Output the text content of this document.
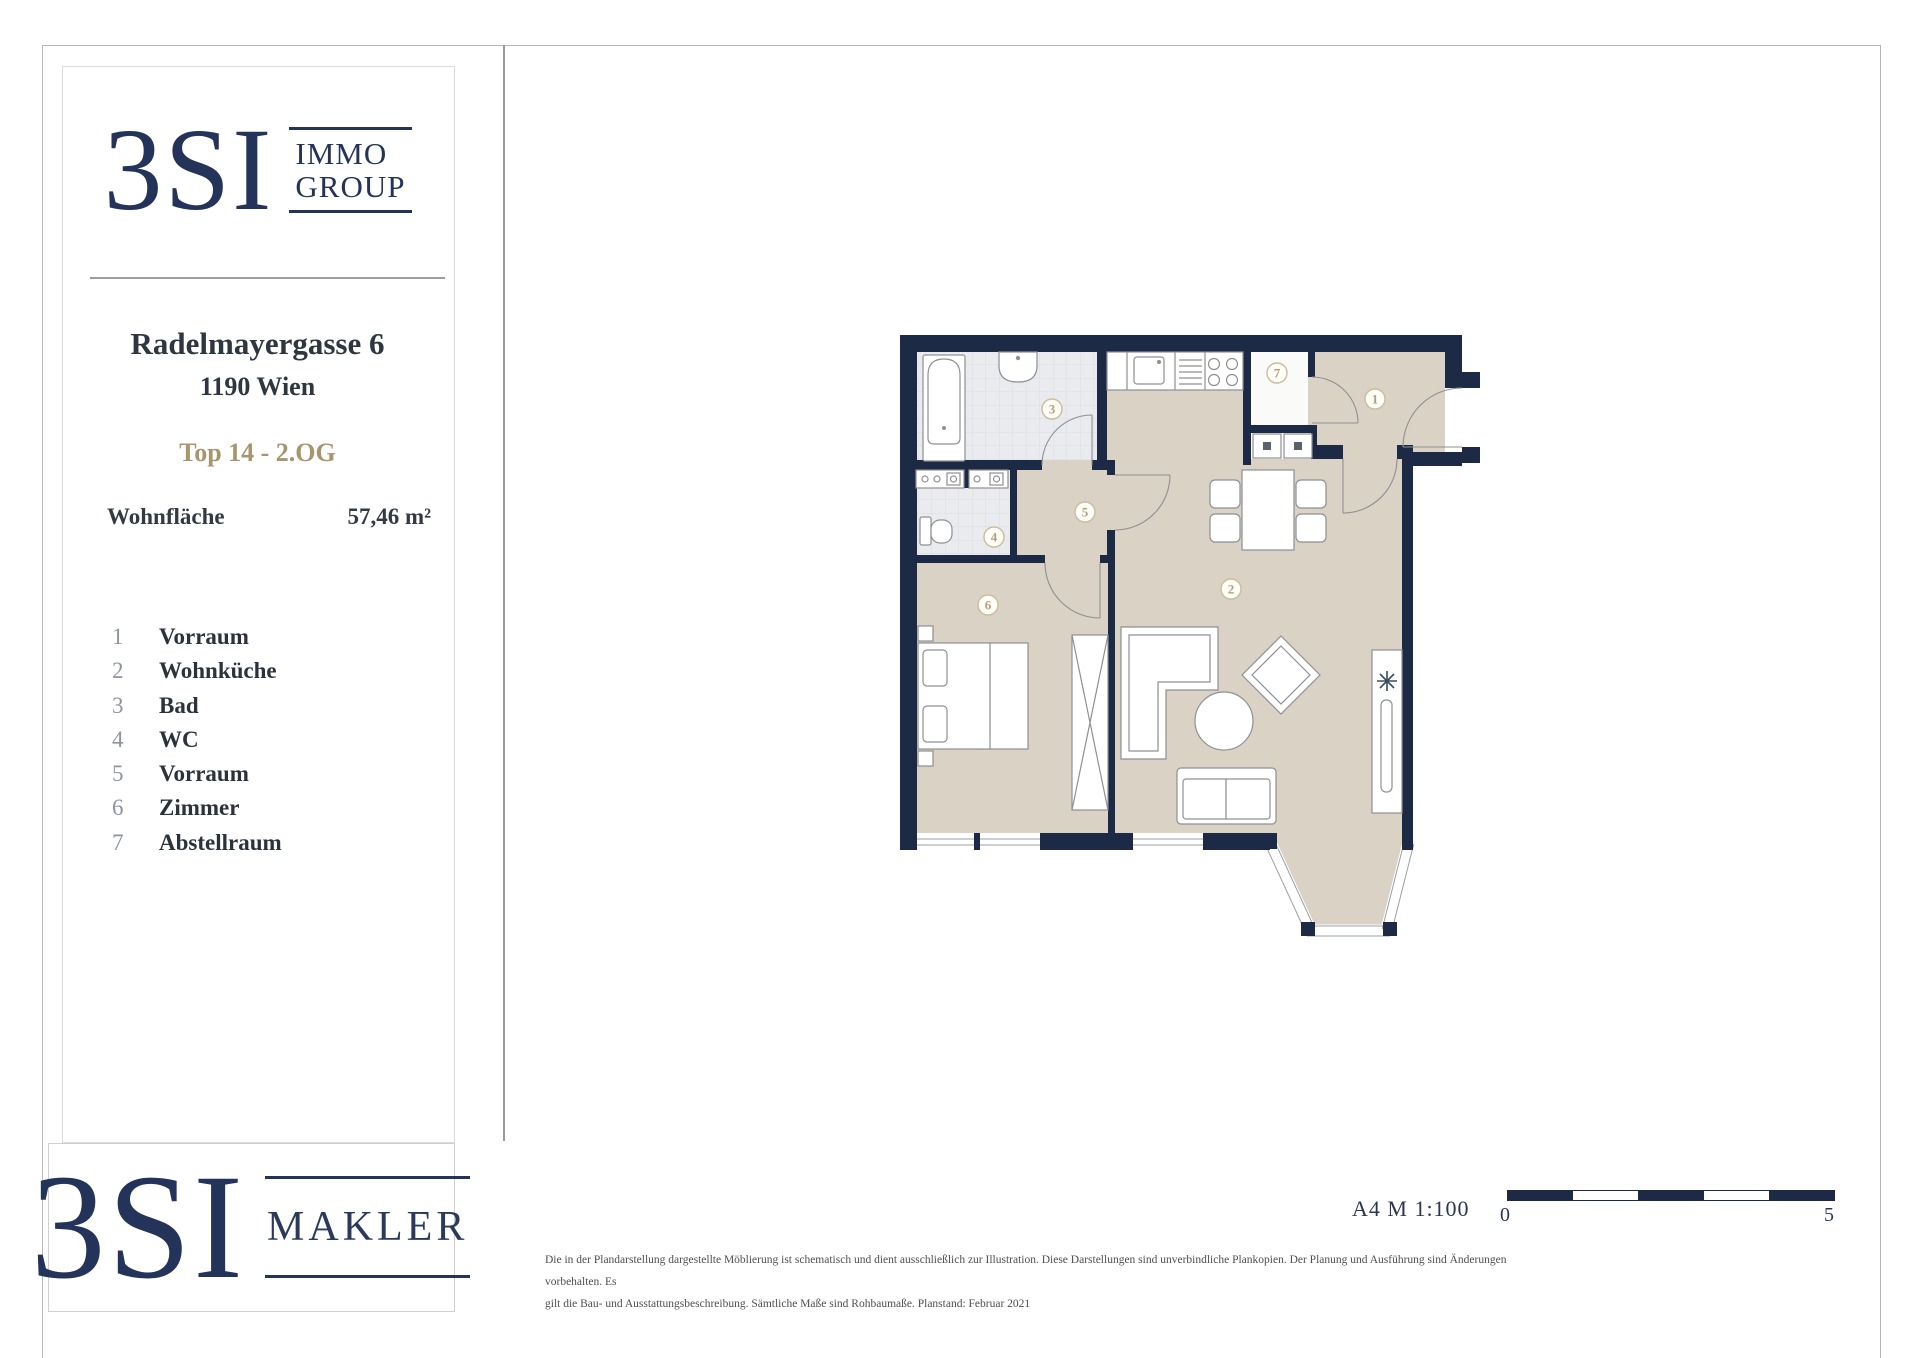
3SI IMMO
GROUP
Radelmayergasse 6
1190 Wien
Top 14 - 2.OG
Wohnfläche	57,46 m²
1	Vorraum
2	Wohnküche
3	Bad
4	WC
5	Vorraum
6	Zimmer
7	Abstellraum
1
2
3
4
5
6
7
3SI MAKLER	A4 M 1:100 0	5
Die in der Plandarstellung dargestellte Möblierung ist schematisch und dient ausschließlich zur Illustration. Diese Darstellungen sind unverbindliche Plankopien. Der Planung und Ausführung sind Änderungen vorbehalten. Es
gilt die Bau- und Ausstattungsbeschreibung. Sämtliche Maße sind Rohbaumaße. Planstand: Februar 2021
